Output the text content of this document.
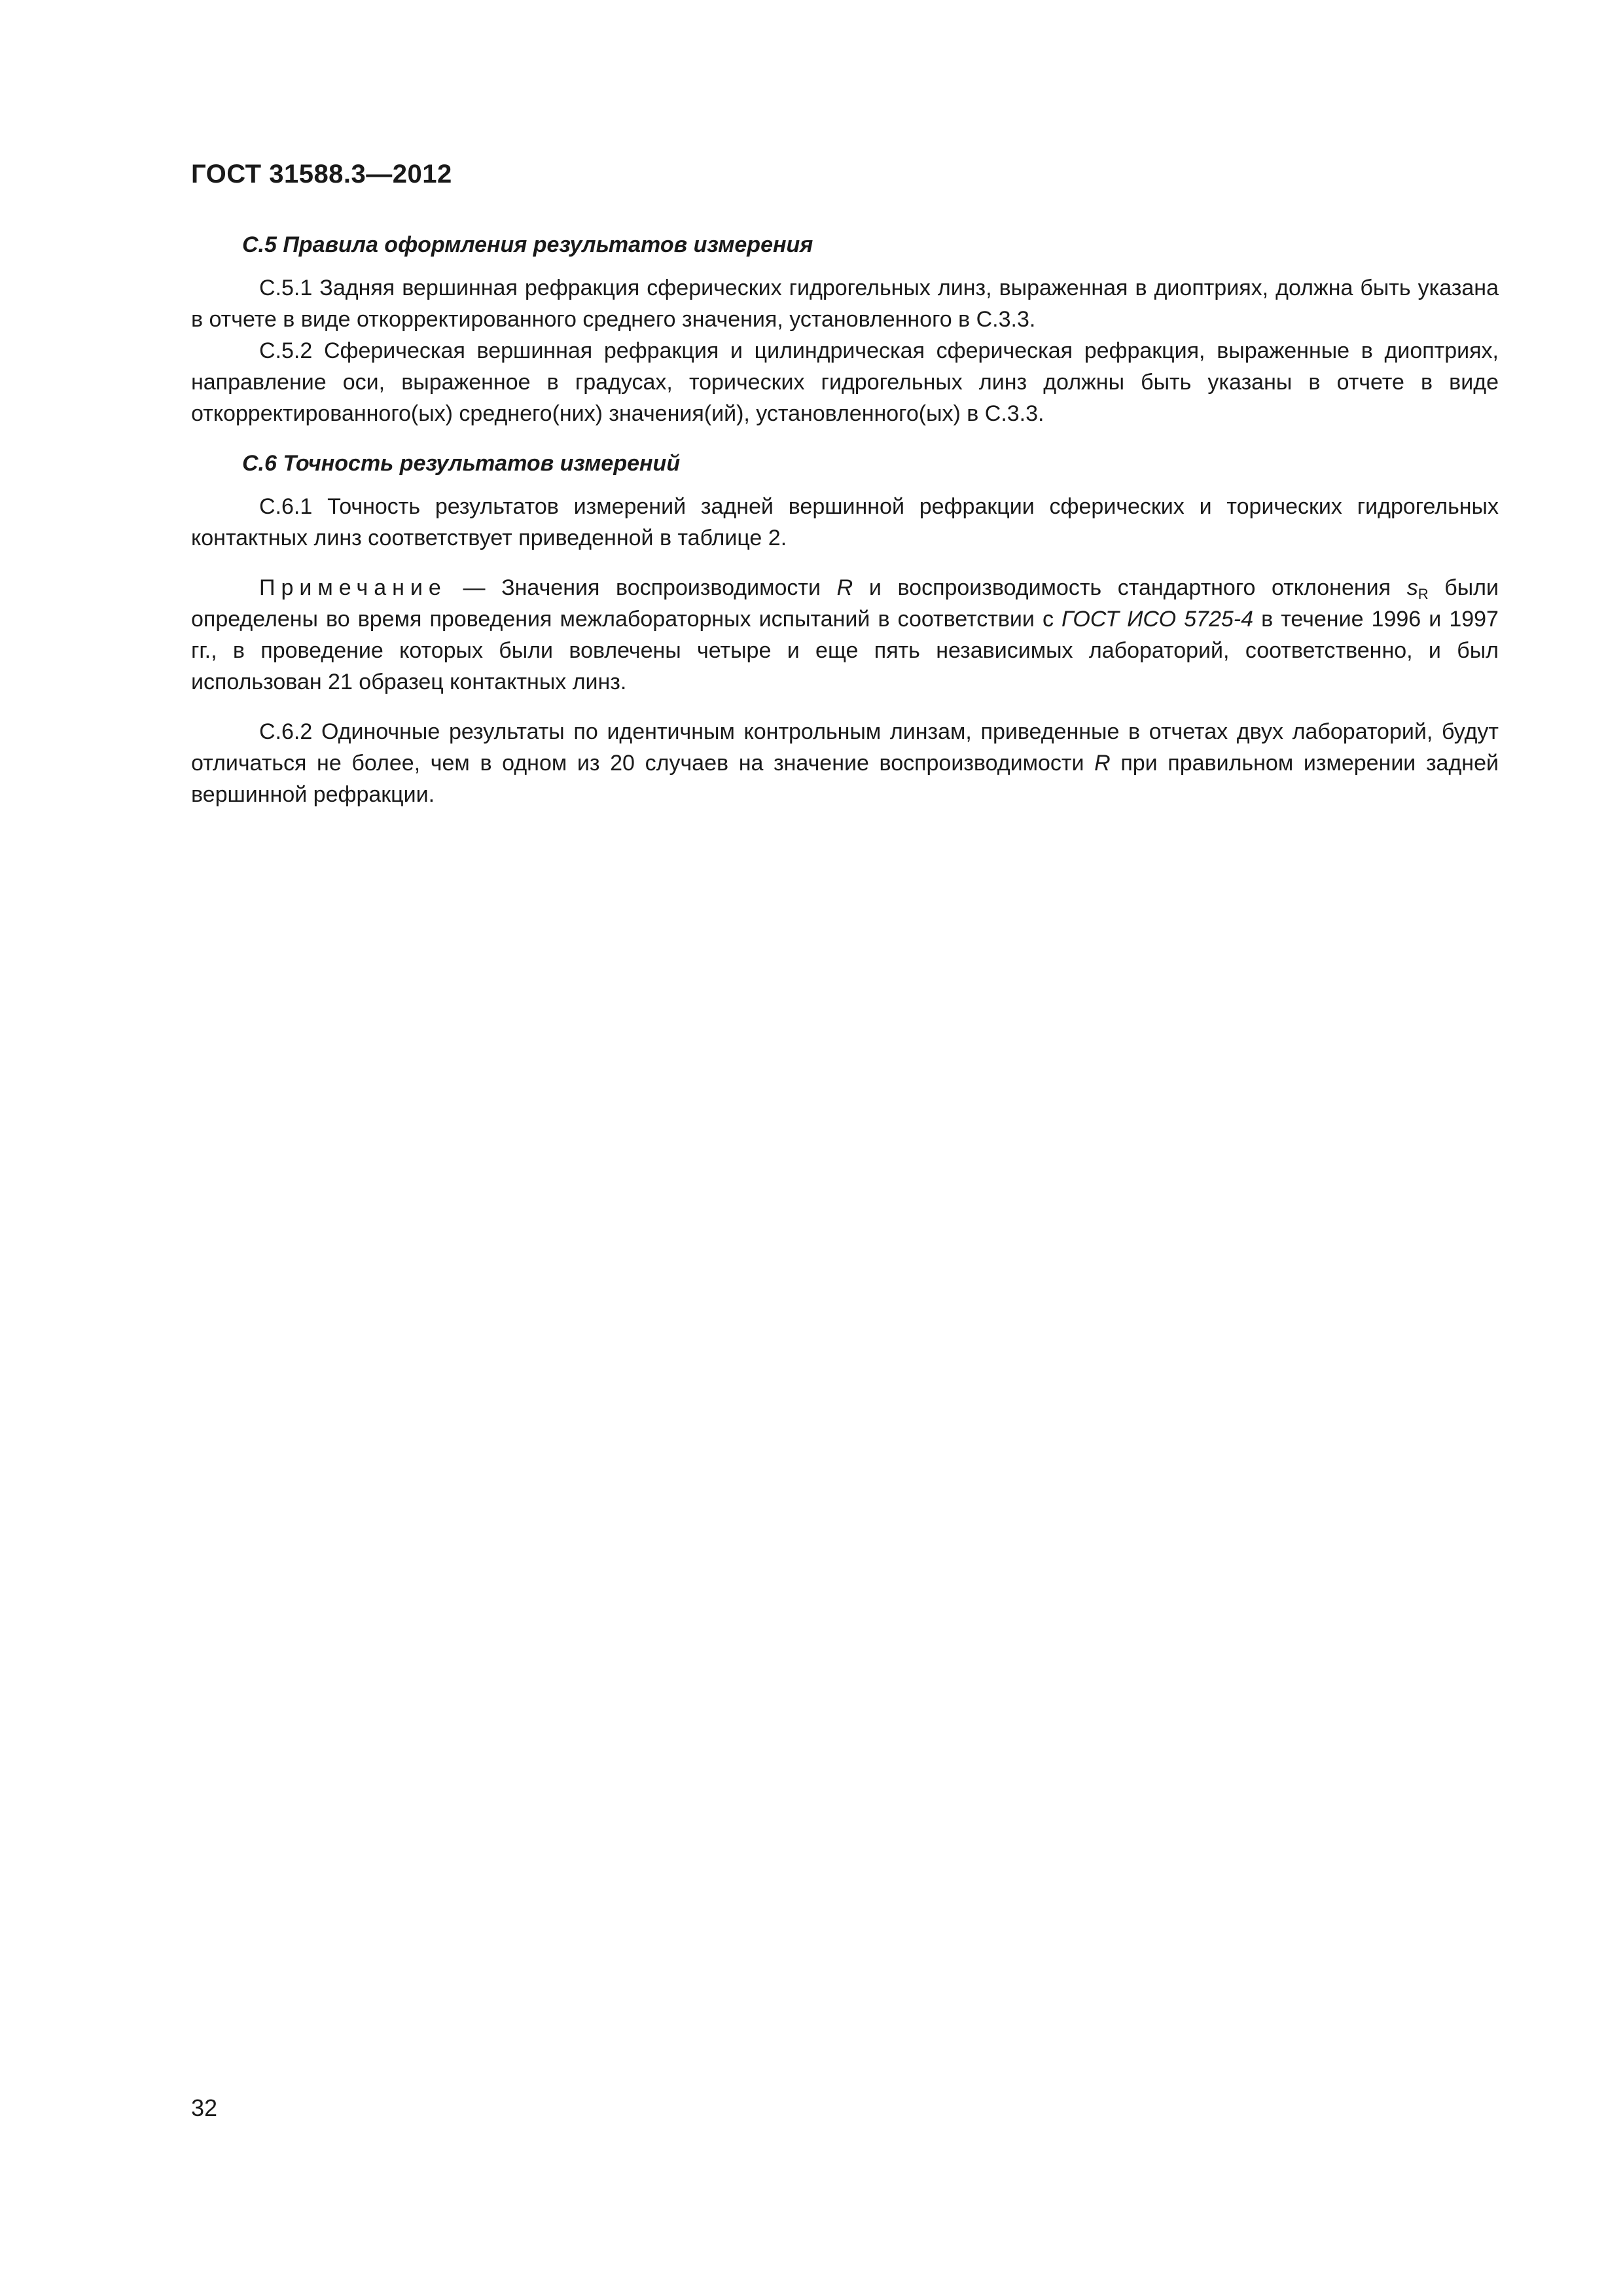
ГОСТ 31588.3—2012
С.5 Правила оформления результатов измерения

С.5.1 Задняя вершинная рефракция сферических гидрогельных линз, выраженная в диоптриях, должна быть указана в отчете в виде откорректированного среднего значения, установленного в С.3.3.

С.5.2 Сферическая вершинная рефракция и цилиндрическая сферическая рефракция, выраженные в диоптриях, направление оси, выраженное в градусах, торических гидрогельных линз должны быть указаны в отчете в виде откорректированного(ых) среднего(них) значения(ий), установленного(ых) в С.3.3.

С.6 Точность результатов измерений

С.6.1 Точность результатов измерений задней вершинной рефракции сферических и торических гидрогельных контактных линз соответствует приведенной в таблице 2.

Примечание — Значения воспроизводимости R и воспроизводимость стандартного отклонения $s_R$ были определены во время проведения межлабораторных испытаний в соответствии с ГОСТ ИСО 5725-4 в течение 1996 и 1997 гг., в проведение которых были вовлечены четыре и еще пять независимых лабораторий, соответственно, и был использован 21 образец контактных линз.

С.6.2 Одиночные результаты по идентичным контрольным линзам, приведенные в отчетах двух лабораторий, будут отличаться не более, чем в одном из 20 случаев на значение воспроизводимости R при правильном измерении задней вершинной рефракции.

32
